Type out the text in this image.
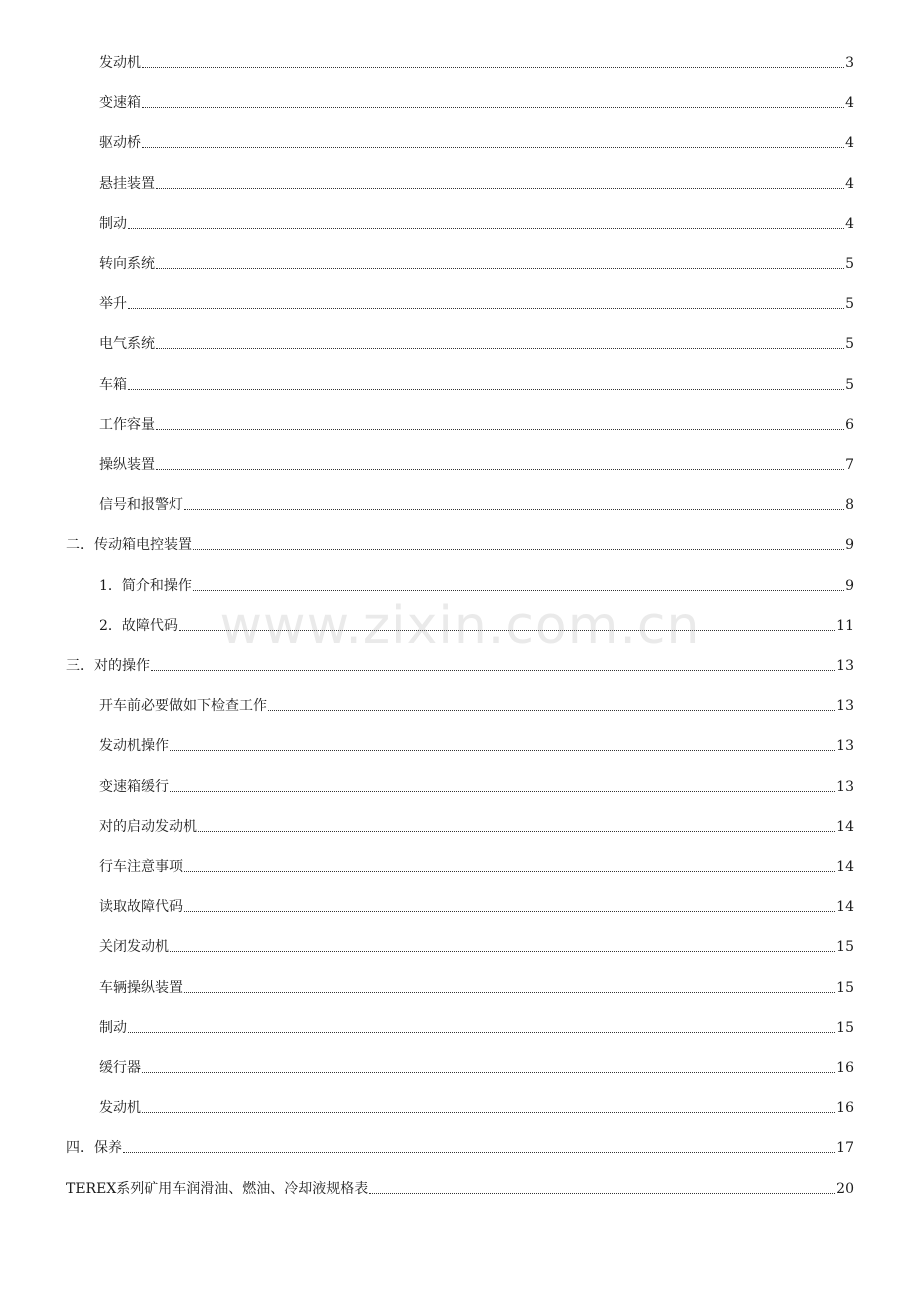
发动机	3
变速箱	4
驱动桥	4
悬挂装置	4
制动	4
转向系统	5
举升	5
电气系统	5
车箱	5
工作容量	6
操纵装置	7
信号和报警灯	8
二．传动箱电控装置	9
1．简介和操作	9
2．故障代码	11
三．对的操作	13
开车前必要做如下检查工作	13
发动机操作	13
变速箱缓行	13
对的启动发动机	14
行车注意事项	14
读取故障代码	14
关闭发动机	15
车辆操纵装置	15
制动	15
缓行器	16
发动机	16
四．保养	17
TEREX系列矿用车润滑油、燃油、冷却液规格表	20
www.zixin.com.cn
